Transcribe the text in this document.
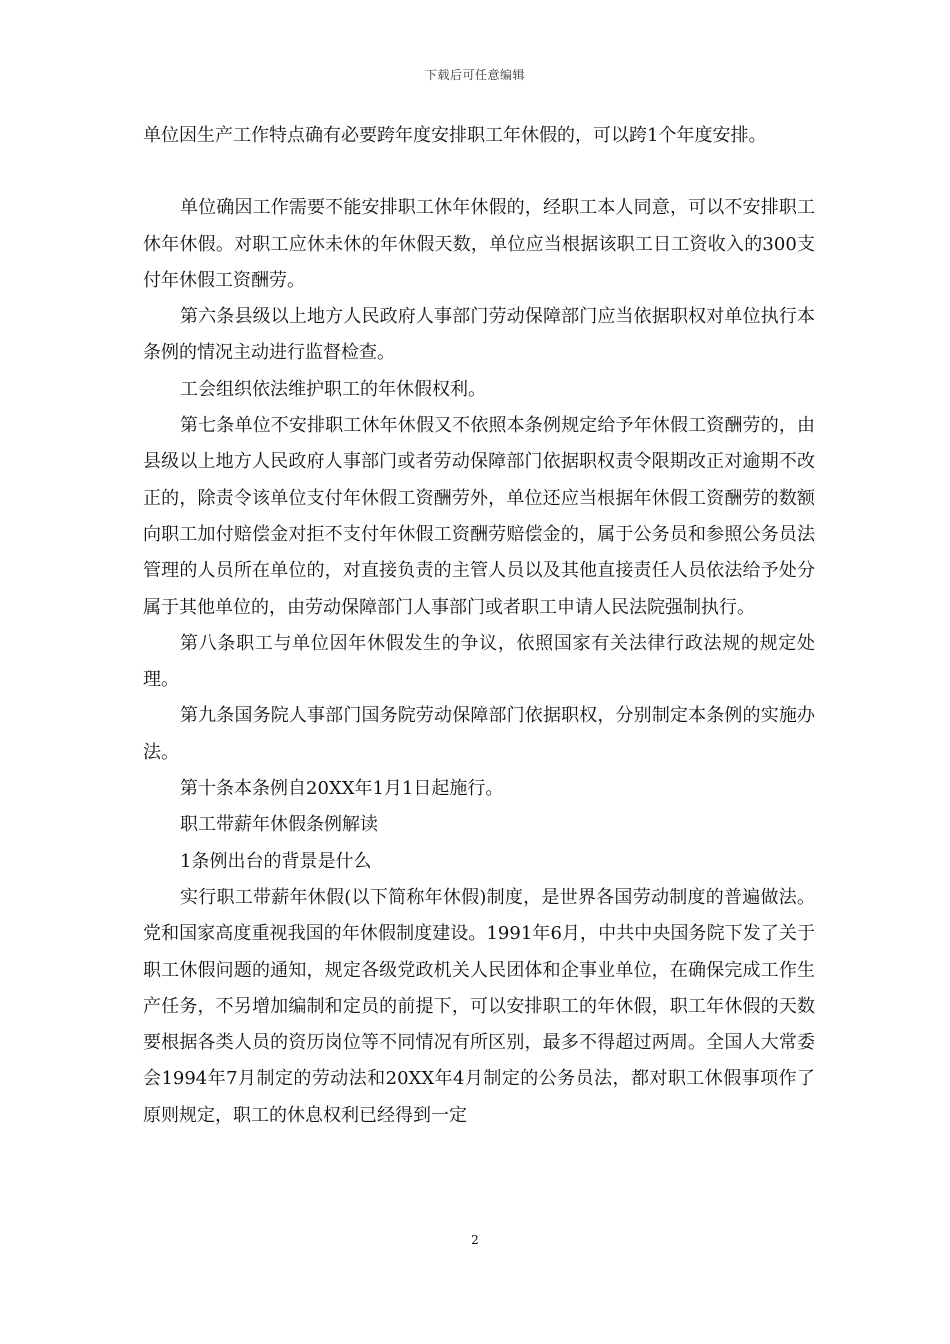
下载后可任意编辑

单位因生产工作特点确有必要跨年度安排职工年休假的，可以跨1个年度安排。

单位确因工作需要不能安排职工休年休假的，经职工本人同意，可以不安排职工休年休假。对职工应休未休的年休假天数，单位应当根据该职工日工资收入的300支付年休假工资酬劳。

第六条县级以上地方人民政府人事部门劳动保障部门应当依据职权对单位执行本条例的情况主动进行监督检查。

工会组织依法维护职工的年休假权利。

第七条单位不安排职工休年休假又不依照本条例规定给予年休假工资酬劳的，由县级以上地方人民政府人事部门或者劳动保障部门依据职权责令限期改正对逾期不改正的，除责令该单位支付年休假工资酬劳外，单位还应当根据年休假工资酬劳的数额向职工加付赔偿金对拒不支付年休假工资酬劳赔偿金的，属于公务员和参照公务员法管理的人员所在单位的，对直接负责的主管人员以及其他直接责任人员依法给予处分属于其他单位的，由劳动保障部门人事部门或者职工申请人民法院强制执行。

第八条职工与单位因年休假发生的争议，依照国家有关法律行政法规的规定处理。

第九条国务院人事部门国务院劳动保障部门依据职权，分别制定本条例的实施办法。

第十条本条例自20XX年1月1日起施行。

职工带薪年休假条例解读

1条例出台的背景是什么

实行职工带薪年休假(以下简称年休假)制度，是世界各国劳动制度的普遍做法。党和国家高度重视我国的年休假制度建设。1991年6月，中共中央国务院下发了关于职工休假问题的通知，规定各级党政机关人民团体和企事业单位，在确保完成工作生产任务，不另增加编制和定员的前提下，可以安排职工的年休假，职工年休假的天数要根据各类人员的资历岗位等不同情况有所区别，最多不得超过两周。全国人大常委会1994年7月制定的劳动法和20XX年4月制定的公务员法，都对职工休假事项作了原则规定，职工的休息权利已经得到一定

2
